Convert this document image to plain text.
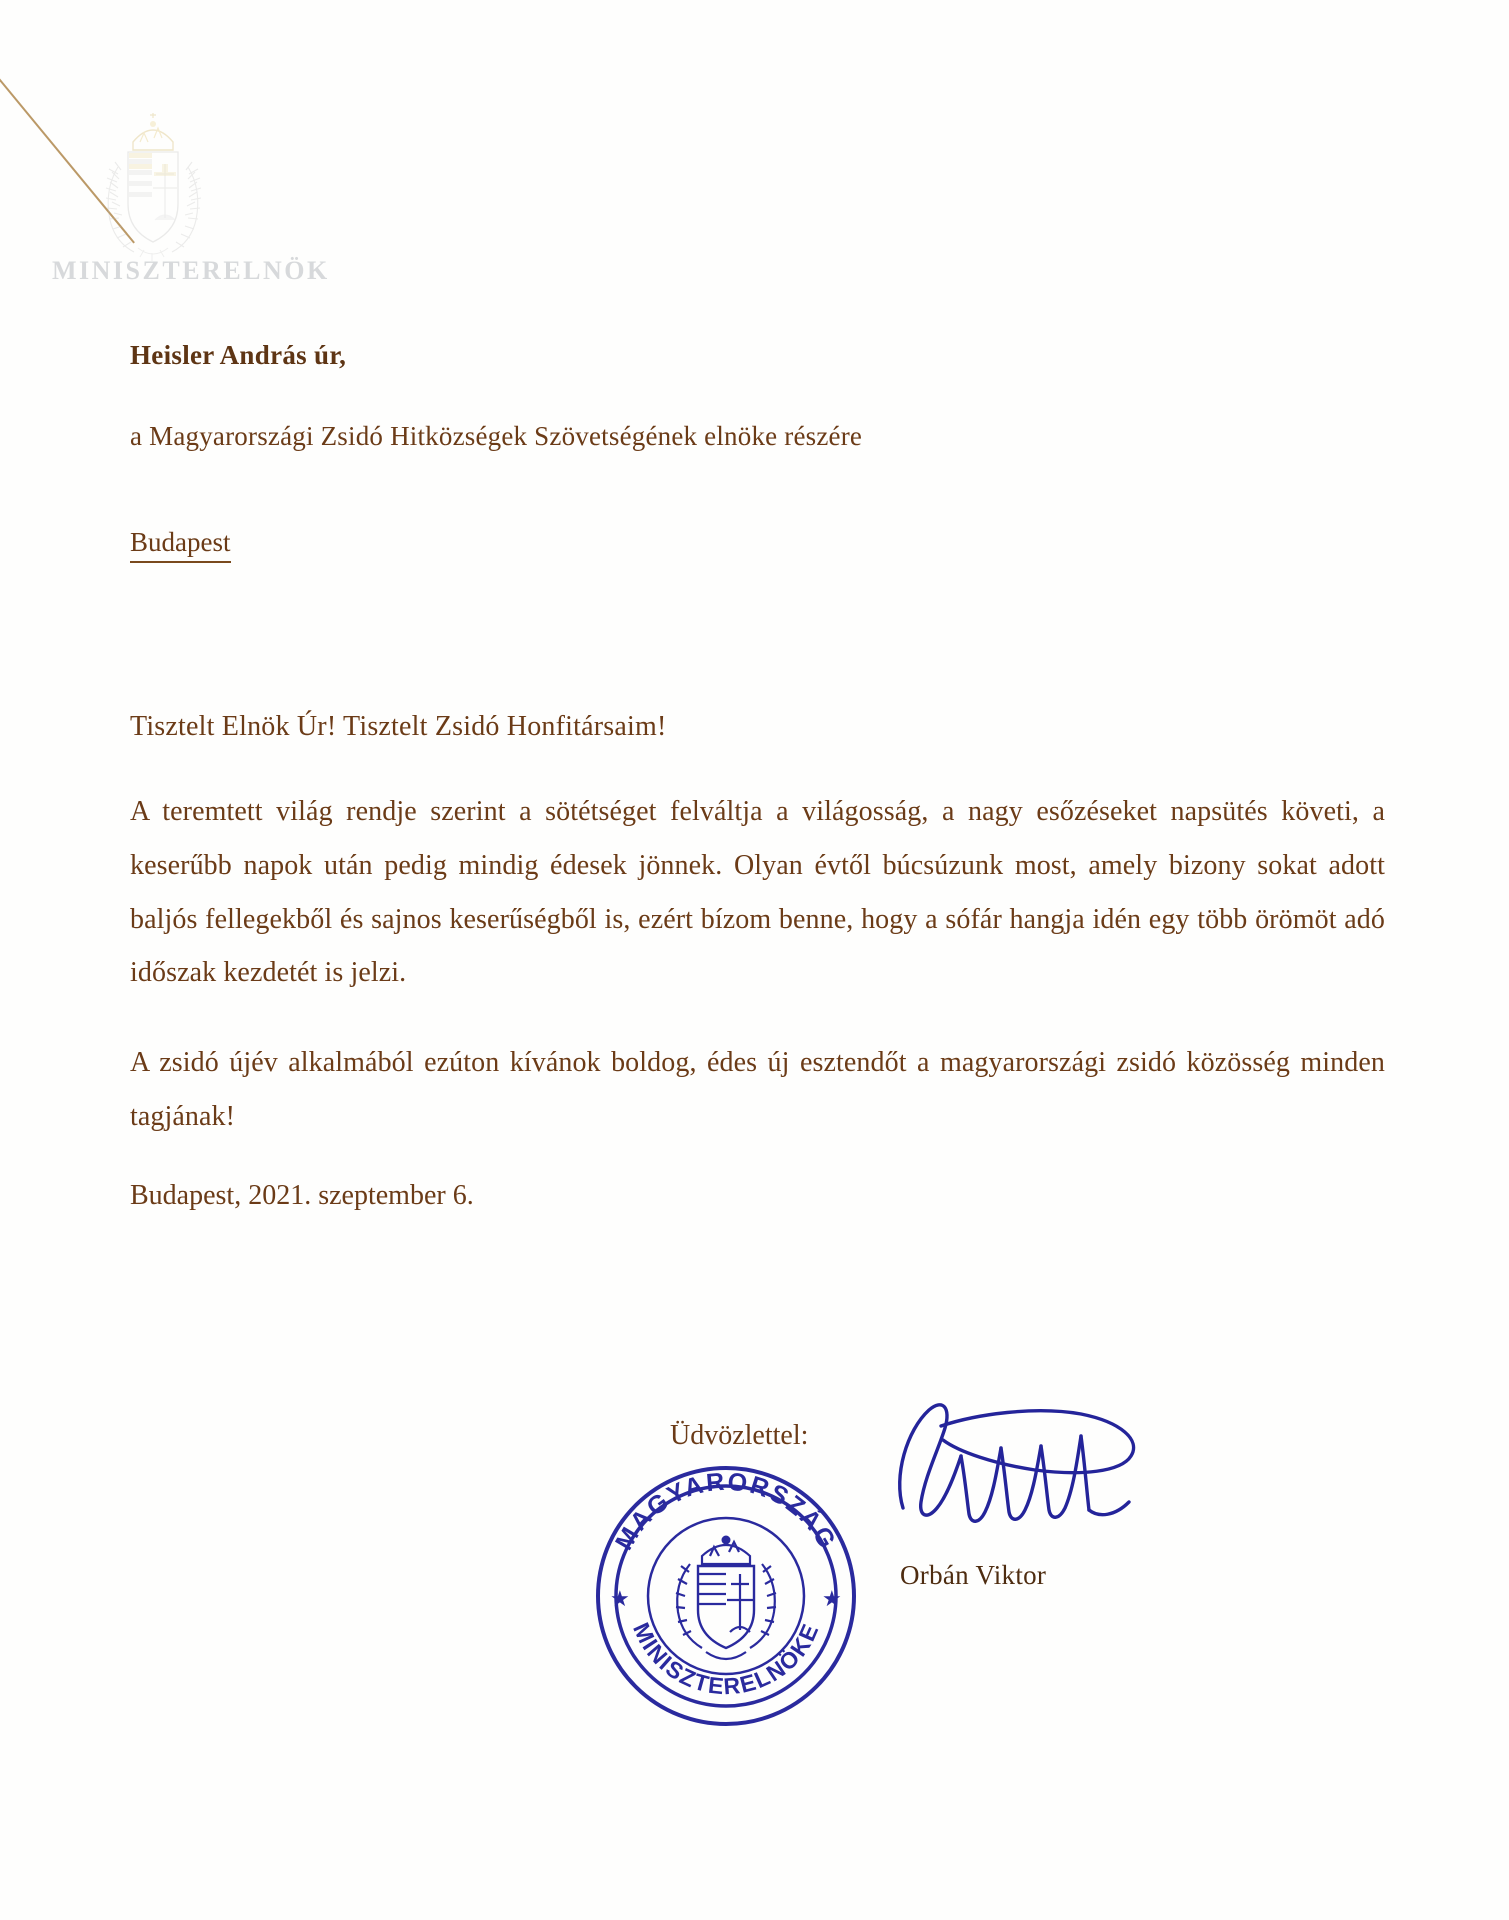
MINISZTERELNÖK

Heisler András úr,

a Magyarországi Zsidó Hitközségek Szövetségének elnöke részére

Budapest

Tisztelt Elnök Úr! Tisztelt Zsidó Honfitársaim!

A teremtett világ rendje szerint a sötétséget felváltja a világosság, a nagy esőzéseket napsütés követi, a keserűbb napok után pedig mindig édesek jönnek. Olyan évtől búcsúzunk most, amely bizony sokat adott baljós fellegekből és sajnos keserűségből is, ezért bízom benne, hogy a sófár hangja idén egy több örömöt adó időszak kezdetét is jelzi.

A zsidó újév alkalmából ezúton kívánok boldog, édes új esztendőt a magyarországi zsidó közösség minden tagjának!

Budapest, 2021. szeptember 6.

Üdvözlettel:
MAGYARORSZÁG
MINISZTERELNÖKE
★	★
Orbán Viktor
